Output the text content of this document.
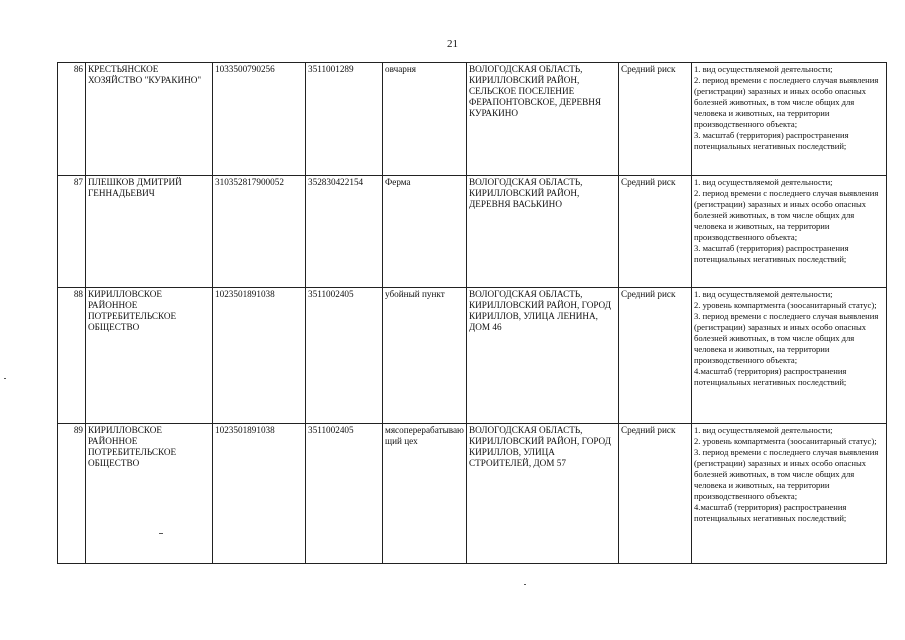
21
86	КРЕСТЬЯНСКОЕ ХОЗЯЙСТВО "КУРАКИНО"	1033500790256	3511001289	овчарня	ВОЛОГОДСКАЯ ОБЛАСТЬ, КИРИЛЛОВСКИЙ РАЙОН, СЕЛЬСКОЕ ПОСЕЛЕНИЕ ФЕРАПОНТОВСКОЕ, ДЕРЕВНЯ КУРАКИНО	Средний риск	1. вид осуществляемой деятельности;
2. период времени с последнего случая выявления (регистрации) заразных и иных особо опасных болезней животных, в том числе общих для человека и животных, на территории производственного объекта;
3. масштаб (территория) распространения потенциальных негативных последствий;

87	ПЛЕШКОВ ДМИТРИЙ ГЕННАДЬЕВИЧ	310352817900052	352830422154	Ферма	ВОЛОГОДСКАЯ ОБЛАСТЬ, КИРИЛЛОВСКИЙ РАЙОН, ДЕРЕВНЯ ВАСЬКИНО	Средний риск	1. вид осуществляемой деятельности;
2. период времени с последнего случая выявления (регистрации) заразных и иных особо опасных болезней животных, в том числе общих для человека и животных, на территории производственного объекта;
3. масштаб (территория) распространения потенциальных негативных последствий;

88	КИРИЛЛОВСКОЕ РАЙОННОЕ ПОТРЕБИТЕЛЬСКОЕ ОБЩЕСТВО	1023501891038	3511002405	убойный пункт	ВОЛОГОДСКАЯ ОБЛАСТЬ, КИРИЛЛОВСКИЙ РАЙОН, ГОРОД КИРИЛЛОВ, УЛИЦА ЛЕНИНА, ДОМ 46	Средний риск	1. вид осуществляемой деятельности;
2. уровень компартмента (зоосанитарный статус);
3. период времени с последнего случая выявления (регистрации) заразных и иных особо опасных болезней животных, в том числе общих для человека и животных, на территории производственного объекта;
4.масштаб (территория) распространения потенциальных негативных последствий;

89	КИРИЛЛОВСКОЕ РАЙОННОЕ ПОТРЕБИТЕЛЬСКОЕ ОБЩЕСТВО	1023501891038	3511002405	мясоперерабатывающий цех	ВОЛОГОДСКАЯ ОБЛАСТЬ, КИРИЛЛОВСКИЙ РАЙОН, ГОРОД КИРИЛЛОВ, УЛИЦА СТРОИТЕЛЕЙ, ДОМ 57	Средний риск	1. вид осуществляемой деятельности;
2. уровень компартмента (зоосанитарный статус);
3. период времени с последнего случая выявления (регистрации) заразных и иных особо опасных болезней животных, в том числе общих для человека и животных, на территории производственного объекта;
4.масштаб (территория) распространения потенциальных негативных последствий;
